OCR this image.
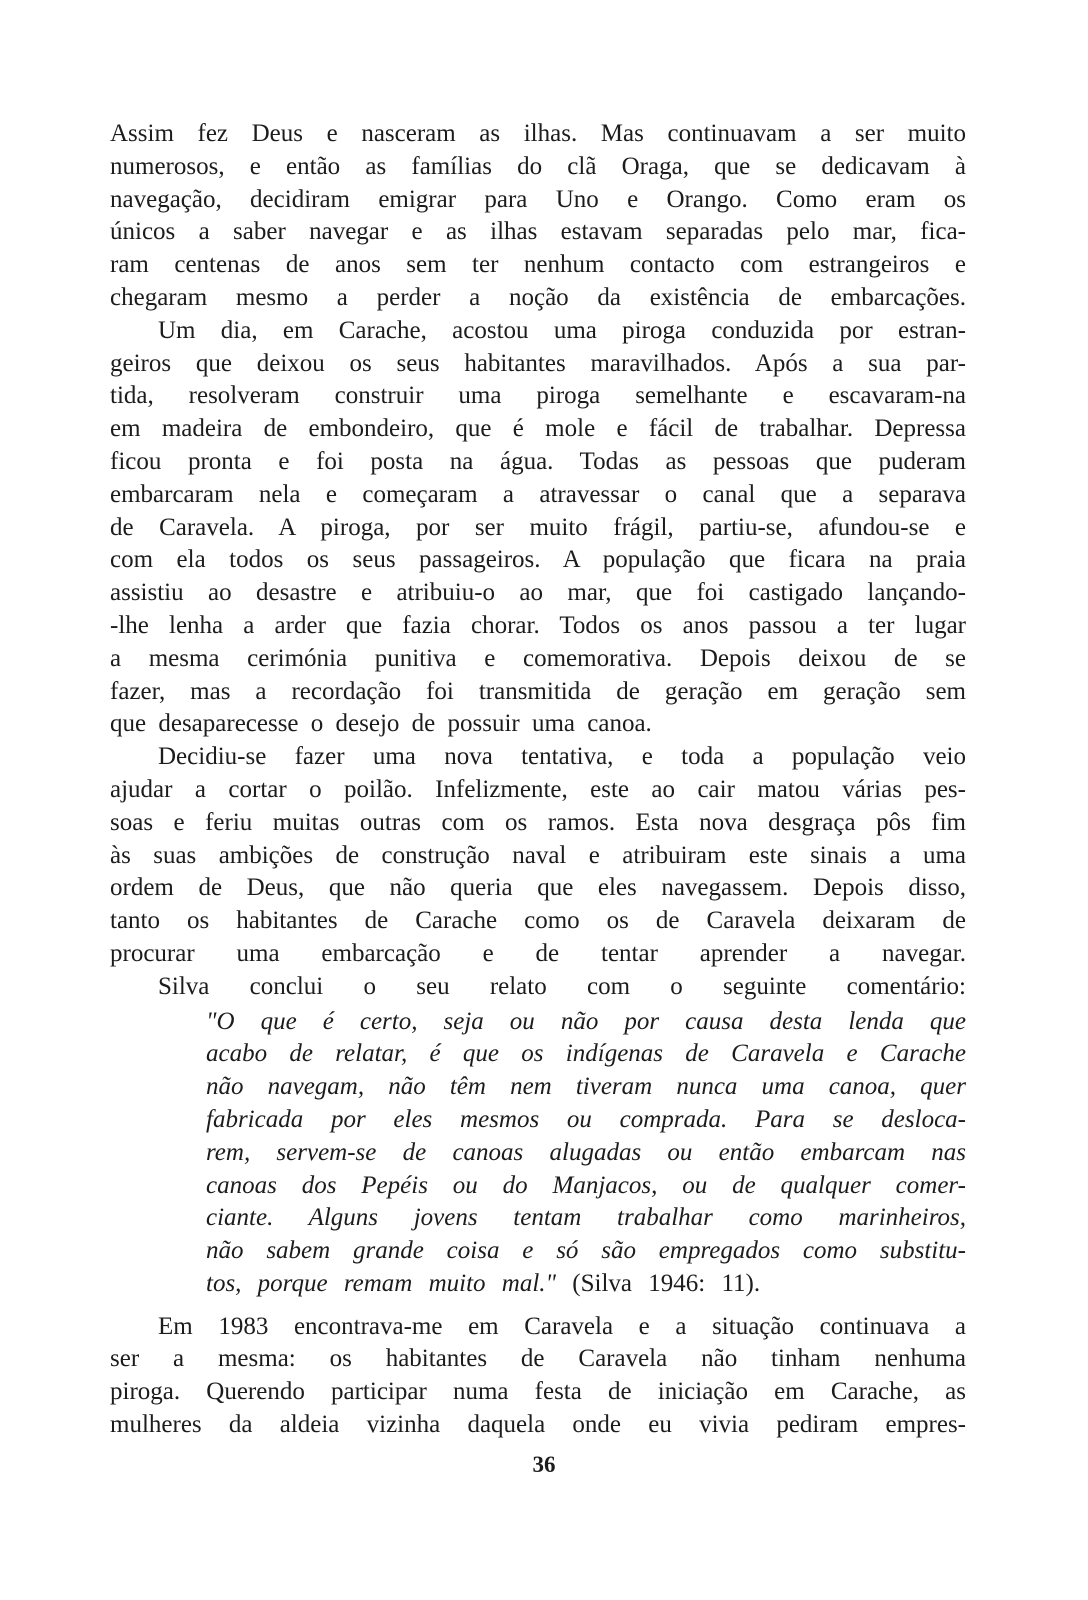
Assim fez Deus e nasceram as ilhas. Mas continuavam a ser muito
numerosos, e então as famílias do clã Oraga, que se dedicavam à
navegação, decidiram emigrar para Uno e Orango. Como eram os
únicos a saber navegar e as ilhas estavam separadas pelo mar, fica-
ram centenas de anos sem ter nenhum contacto com estrangeiros e
chegaram mesmo a perder a noção da existência de embarcações.
Um dia, em Carache, acostou uma piroga conduzida por estran-
geiros que deixou os seus habitantes maravilhados. Após a sua par-
tida, resolveram construir uma piroga semelhante e escavaram-na
em madeira de embondeiro, que é mole e fácil de trabalhar. Depressa
ficou pronta e foi posta na água. Todas as pessoas que puderam
embarcaram nela e começaram a atravessar o canal que a separava
de Caravela. A piroga, por ser muito frágil, partiu-se, afundou-se e
com ela todos os seus passageiros. A população que ficara na praia
assistiu ao desastre e atribuiu-o ao mar, que foi castigado lançando-
-lhe lenha a arder que fazia chorar. Todos os anos passou a ter lugar
a mesma cerimónia punitiva e comemorativa. Depois deixou de se
fazer, mas a recordação foi transmitida de geração em geração sem
que desaparecesse o desejo de possuir uma canoa.
Decidiu-se fazer uma nova tentativa, e toda a população veio
ajudar a cortar o poilão. Infelizmente, este ao cair matou várias pes-
soas e feriu muitas outras com os ramos. Esta nova desgraça pôs fim
às suas ambições de construção naval e atribuiram este sinais a uma
ordem de Deus, que não queria que eles navegassem. Depois disso,
tanto os habitantes de Carache como os de Caravela deixaram de
procurar uma embarcação e de tentar aprender a navegar.
Silva conclui o seu relato com o seguinte comentário:
"O que é certo, seja ou não por causa desta lenda que
acabo de relatar, é que os indígenas de Caravela e Carache
não navegam, não têm nem tiveram nunca uma canoa, quer
fabricada por eles mesmos ou comprada. Para se desloca-
rem, servem-se de canoas alugadas ou então embarcam nas
canoas dos Pepéis ou do Manjacos, ou de qualquer comer-
ciante. Alguns jovens tentam trabalhar como marinheiros,
não sabem grande coisa e só são empregados como substitu-
tos, porque remam muito mal." (Silva 1946: 11).
Em 1983 encontrava-me em Caravela e a situação continuava a
ser a mesma: os habitantes de Caravela não tinham nenhuma
piroga. Querendo participar numa festa de iniciação em Carache, as
mulheres da aldeia vizinha daquela onde eu vivia pediram empres-
36
